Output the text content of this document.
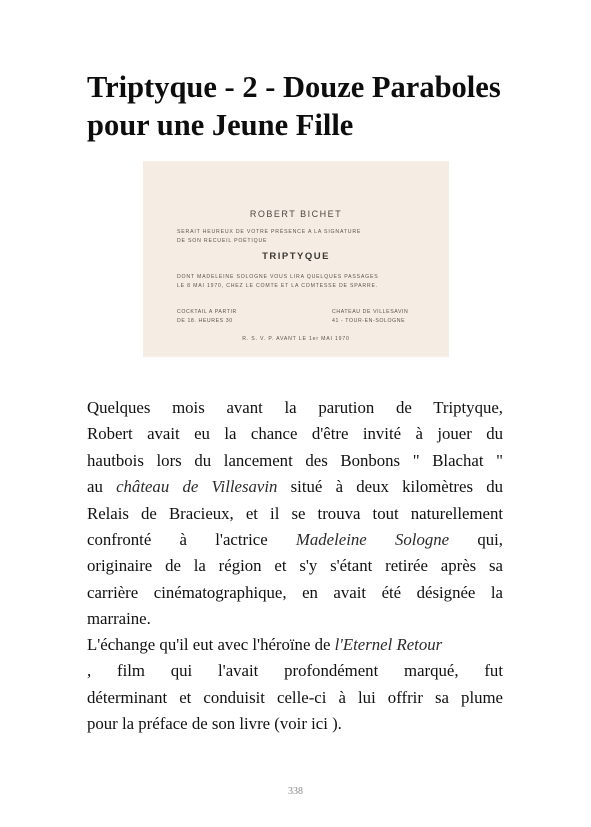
Triptyque - 2 - Douze Paraboles
pour une Jeune Fille
ROBERT BICHET
SERAIT HEUREUX DE VOTRE PRÉSENCE A LA SIGNATURE
DE SON RECUEIL POÉTIQUE
TRIPTYQUE
DONT MADELEINE SOLOGNE VOUS LIRA QUELQUES PASSAGES
LE 8 MAI 1970, CHEZ LE COMTE ET LA COMTESSE DE SPARRE.
COCKTAIL A PARTIR
DE 18. HEURES 30
CHATEAU DE VILLESAVIN
41 - TOUR-EN-SOLOGNE
R. S. V. P. AVANT LE 1er MAI 1970
Quelques mois avant la parution de Triptyque,
Robert avait eu la chance d'être invité à jouer du
hautbois lors du lancement des Bonbons " Blachat "
au château de Villesavin situé à deux kilomètres du
Relais de Bracieux, et il se trouva tout naturellement
confronté à l'actrice Madeleine Sologne qui,
originaire de la région et s'y s'étant retirée après sa
carrière cinématographique, en avait été désignée la
marraine.
L'échange qu'il eut avec l'héroïne de l'Eternel Retour
, film qui l'avait profondément marqué, fut
déterminant et conduisit celle-ci à lui offrir sa plume
pour la préface de son livre (voir ici ).
338
